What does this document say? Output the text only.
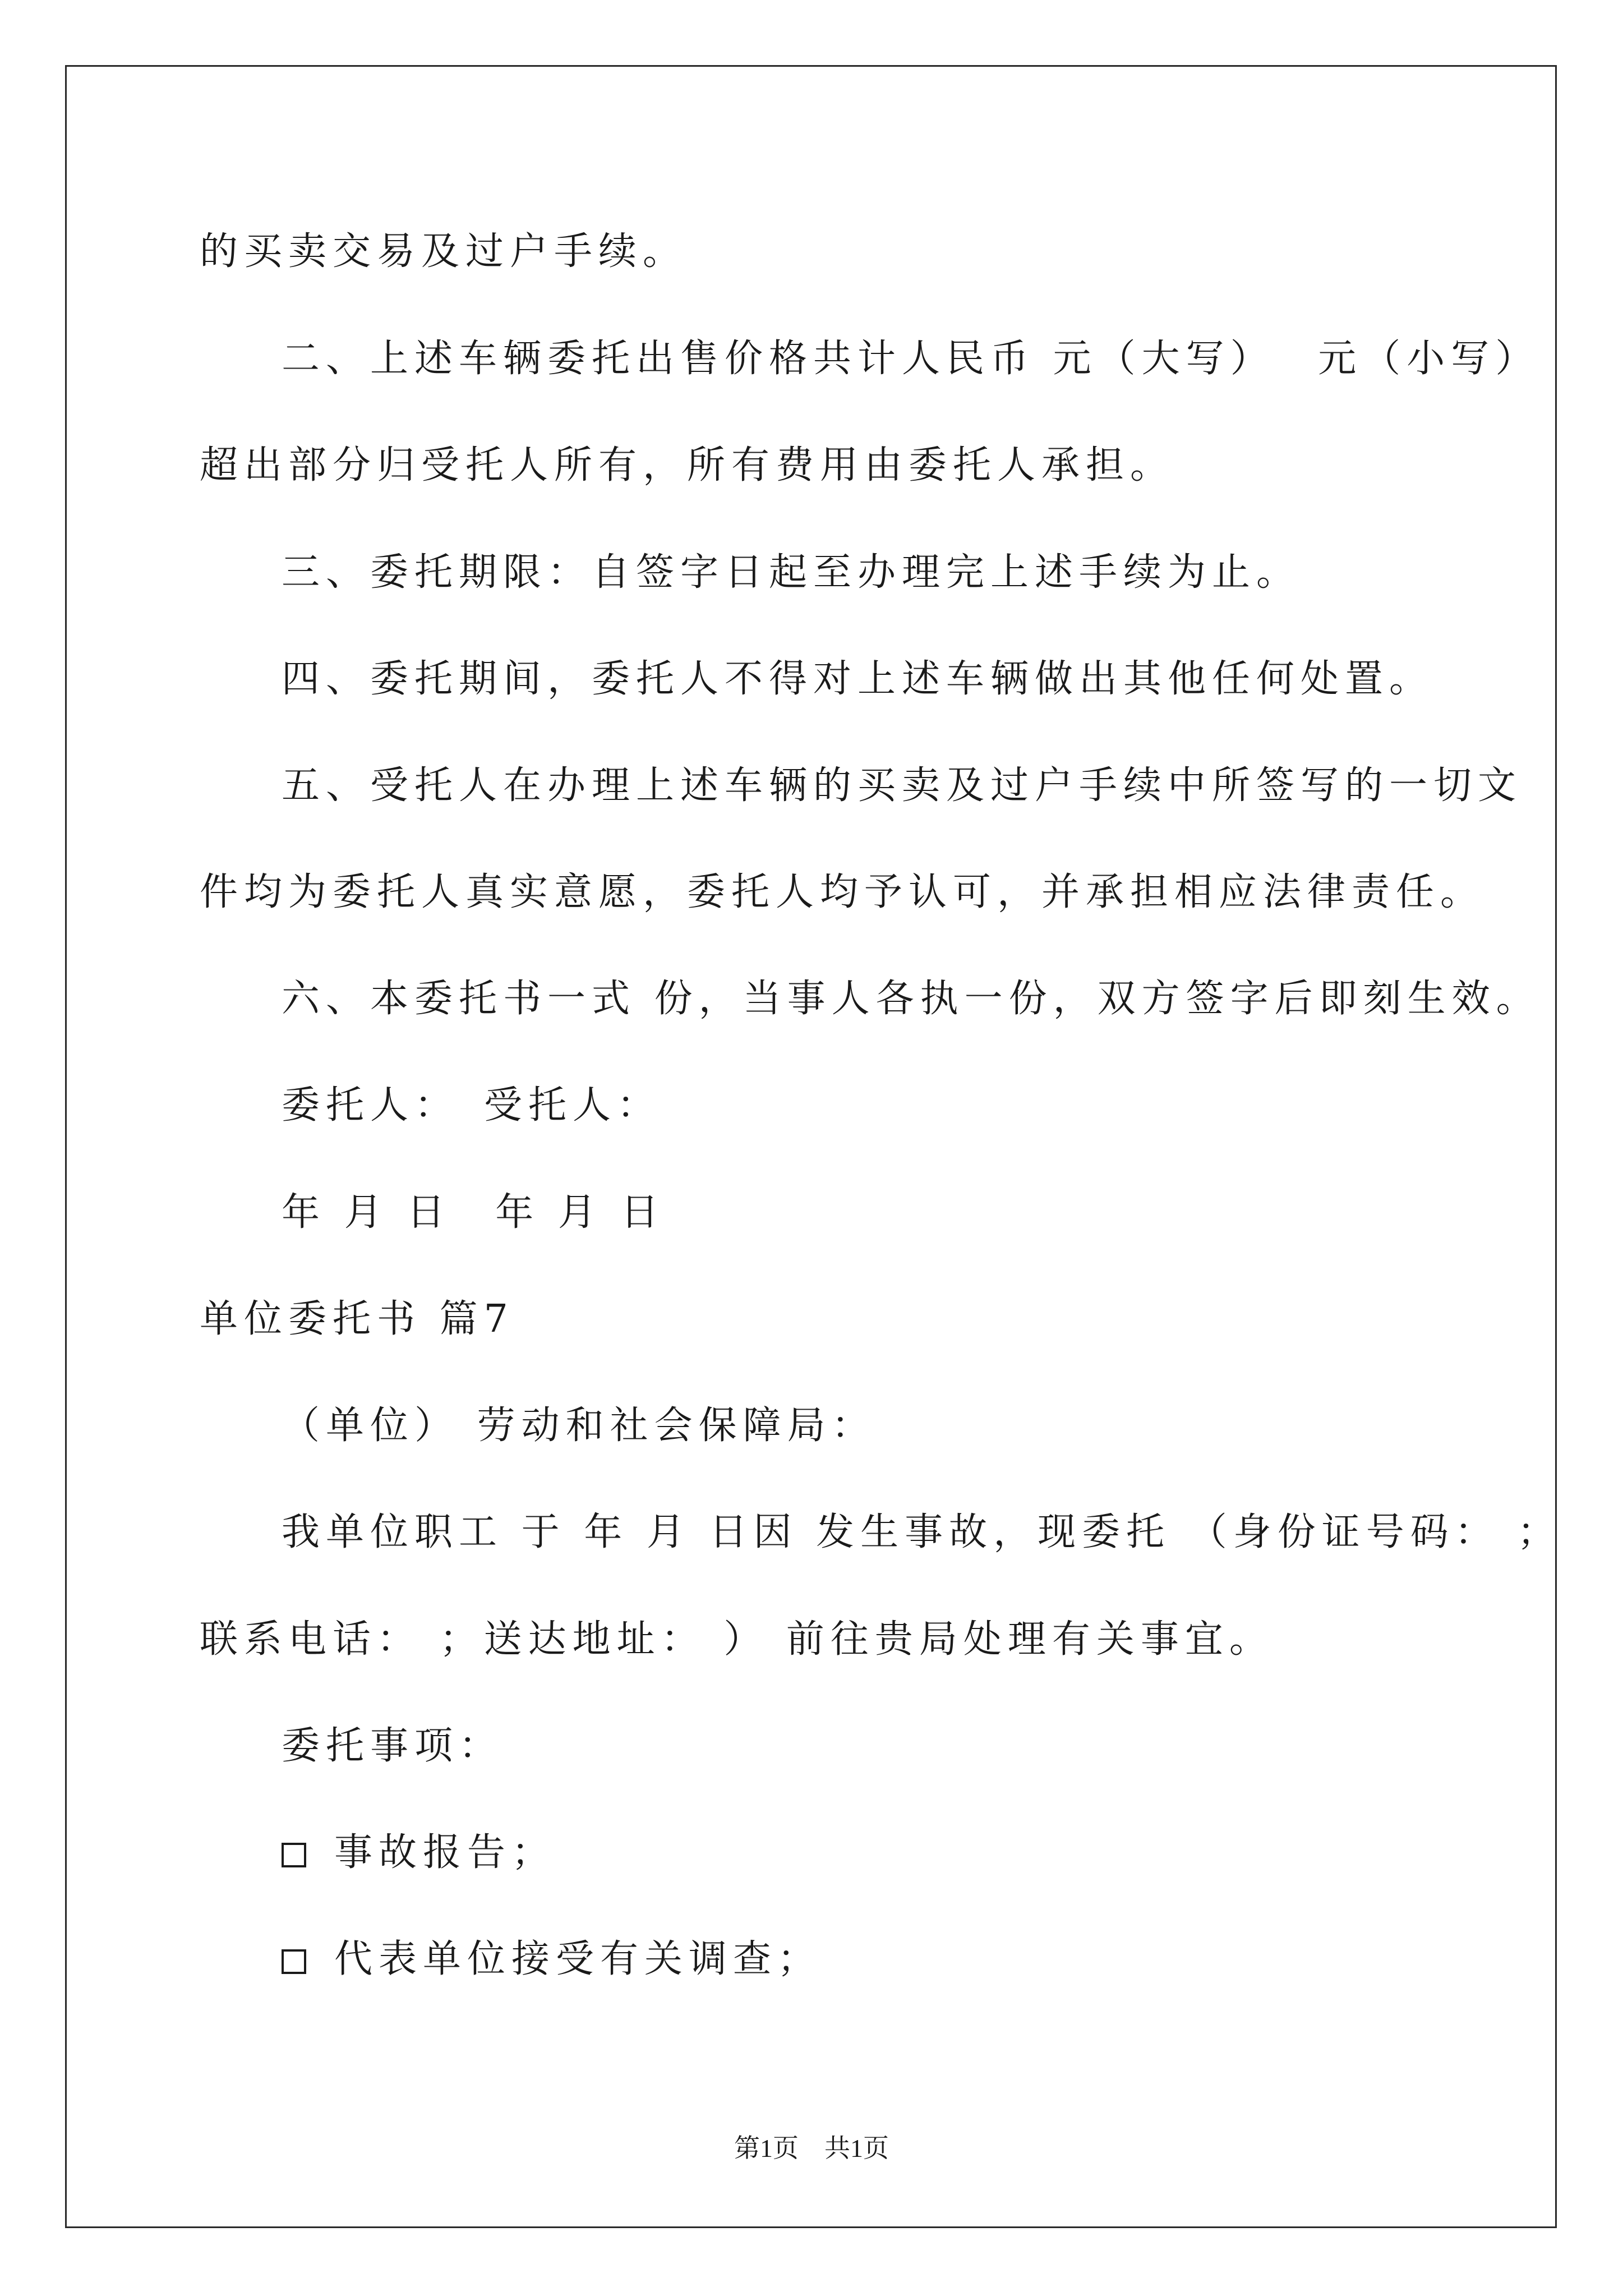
的买卖交易及过户手续。
二、上述车辆委托出售价格共计人民币 元（大写）　 元（小写）
超出部分归受托人所有，所有费用由委托人承担。
三、委托期限：自签字日起至办理完上述手续为止。
四、委托期间，委托人不得对上述车辆做出其他任何处置。
五、受托人在办理上述车辆的买卖及过户手续中所签写的一切文
件均为委托人真实意愿，委托人均予认可，并承担相应法律责任。
六、本委托书一式 份，当事人各执一份，双方签字后即刻生效。
委托人：　受托人：
年 月 日　年 月 日
单位委托书 篇7
（单位） 劳动和社会保障局：
我单位职工 于 年 月 日因 发生事故，现委托 （身份证号码： ；
联系电话： ；送达地址： ） 前往贵局处理有关事宜。
委托事项：
事故报告；
代表单位接受有关调查；
第1页　共1页
